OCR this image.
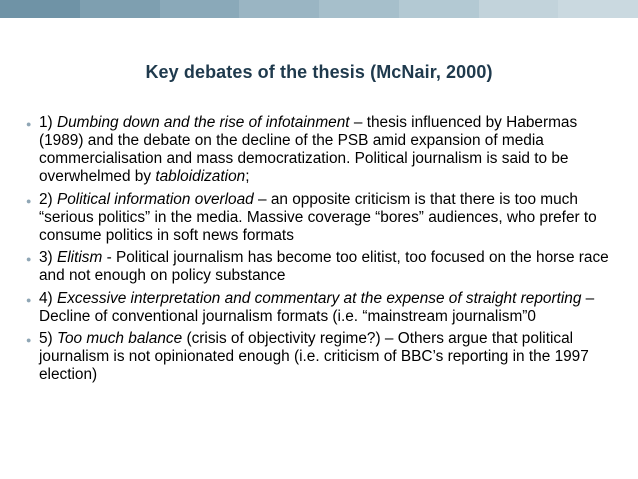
Key debates of the thesis (McNair, 2000)
● 1) Dumbing down and the rise of infotainment – thesis influenced by Habermas (1989) and the debate on the decline of the PSB amid expansion of media commercialisation and mass democratization. Political journalism is said to be overwhelmed by tabloidization;
● 2) Political information overload – an opposite criticism is that there is too much “serious politics” in the media. Massive coverage “bores” audiences, who prefer to consume politics in soft news formats
● 3) Elitism - Political journalism has become too elitist, too focused on the horse race and not enough on policy substance
● 4) Excessive interpretation and commentary at the expense of straight reporting – Decline of conventional journalism formats (i.e. “mainstream journalism”0
● 5) Too much balance (crisis of objectivity regime?) – Others argue that political journalism is not opinionated enough (i.e. criticism of BBC’s reporting in the 1997 election)
